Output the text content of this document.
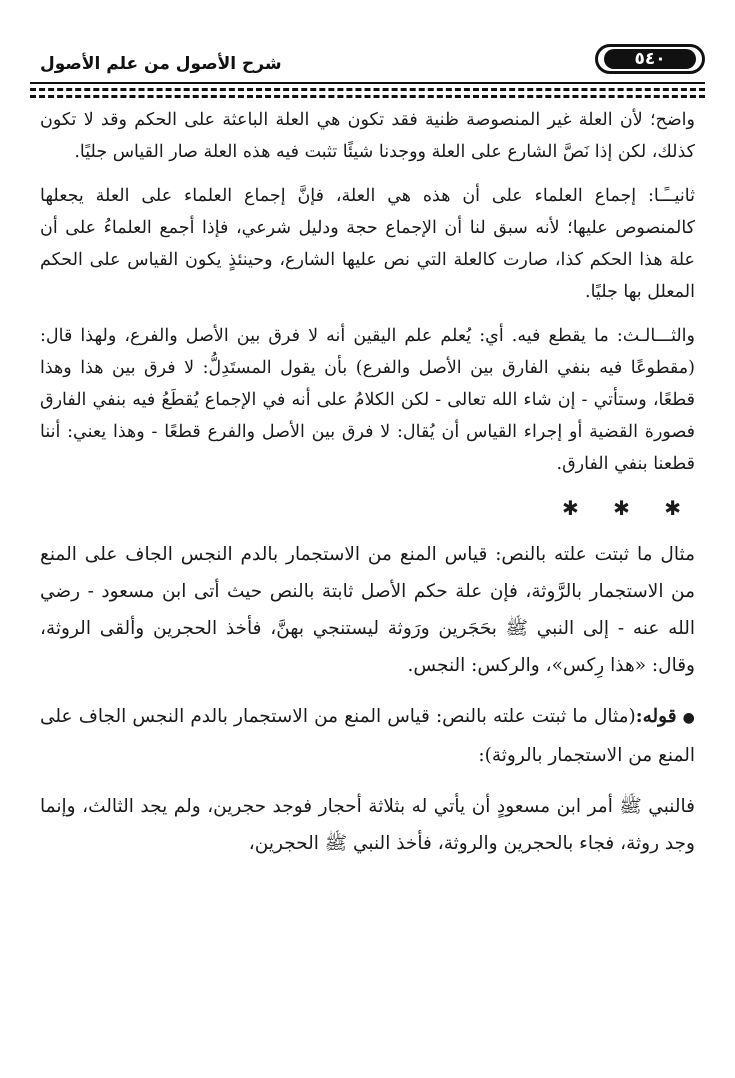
٥٤٠
شرح الأصول من علم الأصول

واضح؛ لأن العلة غير المنصوصة ظنية فقد تكون هي العلة الباعثة على الحكم وقد لا تكون كذلك، لكن إذا نَصَّ الشارع على العلة ووجدنا شيئًا تثبت فيه هذه العلة صار القياس جليًا.

ثانيــًـا: إجماع العلماء على أن هذه هي العلة، فإنَّ إجماع العلماء على العلة يجعلها كالمنصوص عليها؛ لأنه سبق لنا أن الإجماع حجة ودليل شرعي، فإذا أجمع العلماءُ على أن علة هذا الحكم كذا، صارت كالعلة التي نص عليها الشارع، وحينئذٍ يكون القياس على الحكم المعلل بها جليًا.

والثـــالـث: ما يقطع فيه. أي: يُعلم علم اليقين أنه لا فرق بين الأصل والفرع، ولهذا قال: (مقطوعًا فيه بنفي الفارق بين الأصل والفرع) بأن يقول المستَدِلُّ: لا فرق بين هذا وهذا قطعًا، وستأتي - إن شاء الله تعالى - لكن الكلامُ على أنه في الإجماع يُقطَعُ فيه بنفي الفارق فصورة القضية أو إجراء القياس أن يُقال: لا فرق بين الأصل والفرع قطعًا - وهذا يعني: أننا قطعنا بنفي الفارق.

✱ ✱ ✱

مثال ما ثبتت علته بالنص: قياس المنع من الاستجمار بالدم النجس الجاف على المنع من الاستجمار بالرَّوثة، فإن علة حكم الأصل ثابتة بالنص حيث أتى ابن مسعود - رضي الله عنه - إلى النبي ﷺ بحَجَرين ورَوثة ليستنجي بهنَّ، فأخذ الحجرين وألقى الروثة، وقال: «هذا رِكس»، والركس: النجس.

●قوله:(مثال ما ثبتت علته بالنص: قياس المنع من الاستجمار بالدم النجس الجاف على المنع من الاستجمار بالروثة):

فالنبي ﷺ أمر ابن مسعودٍ أن يأتي له بثلاثة أحجار فوجد حجرين، ولم يجد الثالث، وإنما وجد روثة، فجاء بالحجرين والروثة، فأخذ النبي ﷺ الحجرين،
